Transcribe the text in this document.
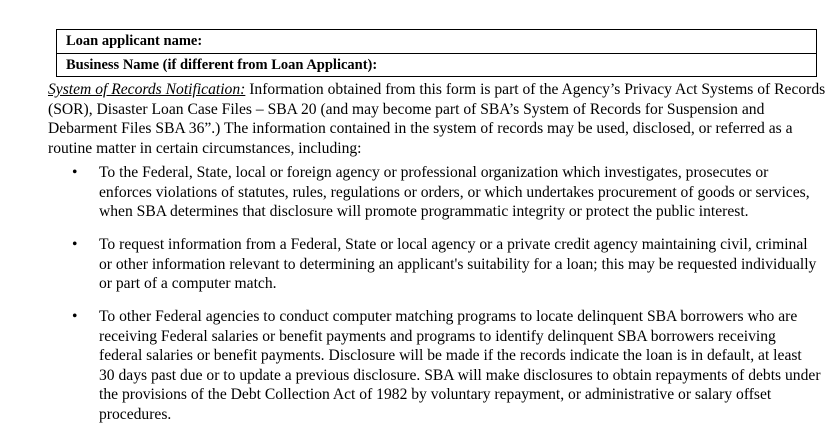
Loan applicant name:
Business Name (if different from Loan Applicant):

System of Records Notification: Information obtained from this form is part of the Agency’s Privacy Act Systems of Records (SOR), Disaster Loan Case Files – SBA 20 (and may become part of SBA’s System of Records for Suspension and Debarment Files SBA 36”.) The information contained in the system of records may be used, disclosed, or referred as a routine matter in certain circumstances, including:

• To the Federal, State, local or foreign agency or professional organization which investigates, prosecutes or enforces violations of statutes, rules, regulations or orders, or which undertakes procurement of goods or services, when SBA determines that disclosure will promote programmatic integrity or protect the public interest.
• To request information from a Federal, State or local agency or a private credit agency maintaining civil, criminal or other information relevant to determining an applicant's suitability for a loan; this may be requested individually or part of a computer match.
• To other Federal agencies to conduct computer matching programs to locate delinquent SBA borrowers who are receiving Federal salaries or benefit payments and programs to identify delinquent SBA borrowers receiving federal salaries or benefit payments. Disclosure will be made if the records indicate the loan is in default, at least 30 days past due or to update a previous disclosure. SBA will make disclosures to obtain repayments of debts under the provisions of the Debt Collection Act of 1982 by voluntary repayment, or administrative or salary offset procedures.
